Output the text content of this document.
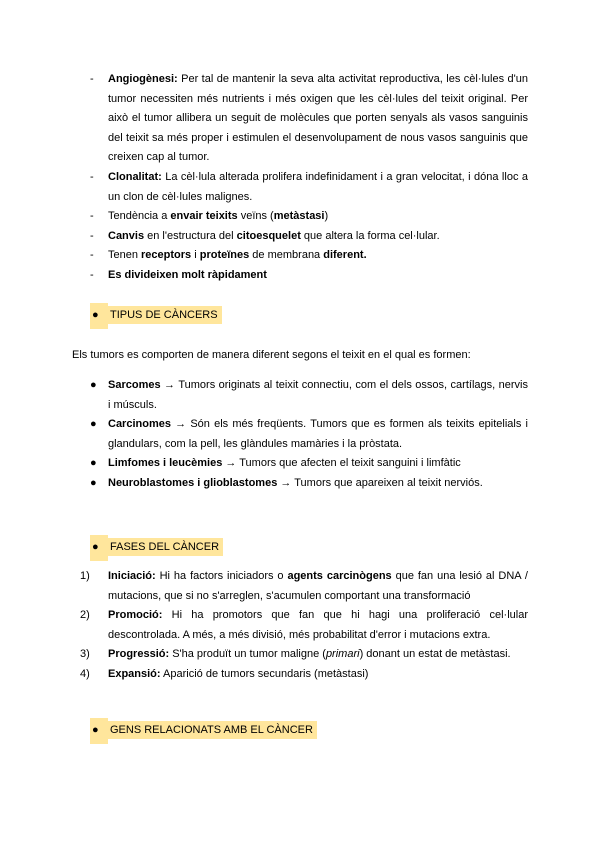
-	Angiogènesi: Per tal de mantenir la seva alta activitat reproductiva, les cèl·lules d'un tumor necessiten més nutrients i més oxigen que les cèl·lules del teixit original. Per això el tumor allibera un seguit de molècules que porten senyals als vasos sanguinis del teixit sa més proper i estimulen el desenvolupament de nous vasos sanguinis que creixen cap al tumor.
-	Clonalitat: La cèl·lula alterada prolifera indefinidament i a gran velocitat, i dóna lloc a un clon de cèl·lules malignes.
-	Tendència a envair teixits veïns (metàstasi)
-	Canvis en l'estructura del citoesquelet que altera la forma cel·lular.
-	Tenen receptors i proteïnes de membrana diferent.
-	Es divideixen molt ràpidament
● TIPUS DE CÀNCERS
Els tumors es comporten de manera diferent segons el teixit en el qual es formen:
●	Sarcomes → Tumors originats al teixit connectiu, com el dels ossos, cartílags, nervis i músculs.
●	Carcinomes → Són els més freqüents. Tumors que es formen als teixits epitelials i glandulars, com la pell, les glàndules mamàries i la pròstata.
●	Limfomes i leucèmies → Tumors que afecten el teixit sanguini i limfàtic
●	Neuroblastomes i glioblastomes → Tumors que apareixen al teixit nerviós.
● FASES DEL CÀNCER
1)	Iniciació: Hi ha factors iniciadors o agents carcinògens que fan una lesió al DNA / mutacions, que si no s'arreglen, s'acumulen comportant una transformació
2)	Promoció: Hi ha promotors que fan que hi hagi una proliferació cel·lular descontrolada. A més, a més divisió, més probabilitat d'error i mutacions extra.
3)	Progressió: S'ha produït un tumor maligne (primari) donant un estat de metàstasi.
4)	Expansió: Aparició de tumors secundaris (metàstasi)
● GENS RELACIONATS AMB EL CÀNCER
